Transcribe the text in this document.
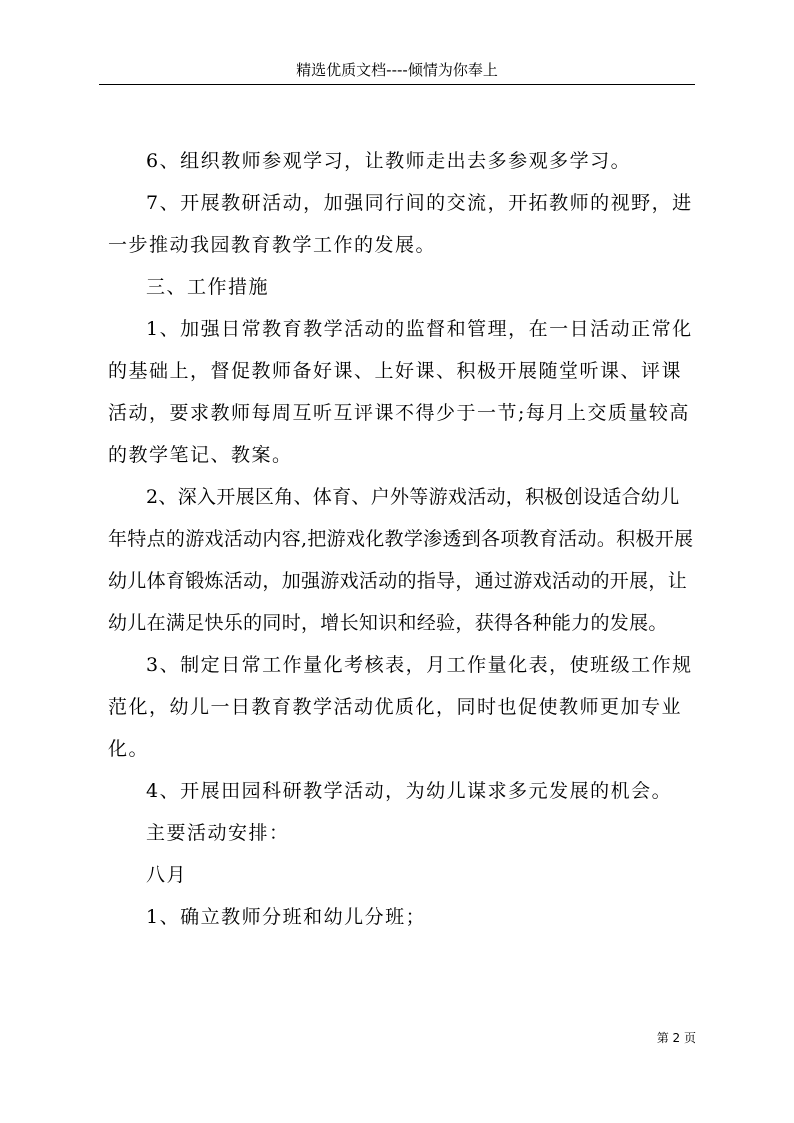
精选优质文档----倾情为你奉上

6、组织教师参观学习，让教师走出去多参观多学习。

7、开展教研活动，加强同行间的交流，开拓教师的视野，进一步推动我园教育教学工作的发展。

三、工作措施

1、加强日常教育教学活动的监督和管理，在一日活动正常化的基础上，督促教师备好课、上好课、积极开展随堂听课、评课活动，要求教师每周互听互评课不得少于一节;每月上交质量较高的教学笔记、教案。

2、深入开展区角、体育、户外等游戏活动，积极创设适合幼儿年特点的游戏活动内容,把游戏化教学渗透到各项教育活动。积极开展幼儿体育锻炼活动，加强游戏活动的指导，通过游戏活动的开展，让幼儿在满足快乐的同时，增长知识和经验，获得各种能力的发展。

3、制定日常工作量化考核表，月工作量化表，使班级工作规范化，幼儿一日教育教学活动优质化，同时也促使教师更加专业化。

4、开展田园科研教学活动，为幼儿谋求多元发展的机会。

主要活动安排：

八月

1、确立教师分班和幼儿分班；

第 2 页
